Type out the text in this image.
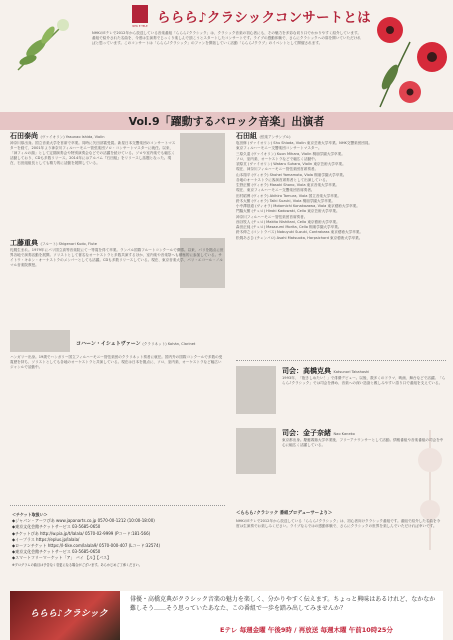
NHK E TELE
ららら♪クラシックコンサートとは
NHKのEテレで2012年から放送している音楽番組「ららら♪クラシック」は、クラシック音楽の初心者にも、その魅力を多彩な切り口でわかりやすく紹介しています。番組で紹介された名曲を、今度は生演奏でじっくり楽しんで頂こうとスタートしたコンサートです。ライブの感動体験で、さらにクラシックへの扉を開いていただければと思っています。このコンサートは「ららら♪クラシック」のファンを開拓していく活動「ららら♪クラブ」のイベントとして開催されます。
Vol.9「躍動するバロック音楽」出演者
石田泰尚 (ヴァイオリン) Yasunao Ishida, Violin
神奈川県出身。国立音楽大学を首席で卒業。同時に矢田部賞受賞。新星日本交響楽団のコンサートマスターを経て、2001年より神奈川フィルハーモニー管弦楽団ソロ・コンサートマスターに就任。以来、「神フィルの顔」として定期演奏会や特別演奏会などでの活躍を続けている。ソロや室内楽でも幅広く活動しており、CDも多数リリース。2014年にはアルバム『石田組』をリリースし話題となった。現在、石田組組長としても精力的に活動を展開している。
工藤重典 (フルート) Shigenori Kudo, Flute
札幌生まれ。1979年にパリ国立高等音楽院にて一等賞を得て卒業。ランパル国際フルートコンクールで優勝。以来、パリを拠点に世界各地で演奏活動を展開。ソリストとして著名なオーケストラと多数共演するほか、室内楽や音楽祭へも積極的に参加している。サイトウ・キネン・オーケストラのメンバーとしても活躍。CDも多数リリースしている。現在、東京音楽大学、パリ・エコール・ノルマル音楽院教授。
コハーン・イシュトヴァーン (クラリネット) Kohán, Clarinet
ハンガリー出身。19歳でハンガリー国立フィルハーモニー管弦楽団のクラリネット奏者に就任。国内外の国際コンクールで多数の受賞歴を持ち、ソリストとしても各地のオーケストラと共演している。現在は日本を拠点に、ソロ、室内楽、オーケストラなど幅広いジャンルで活動中。
＜チケット取扱い＞
◆ジャパン・アーツぴあ www.japanarts.co.jp 0570-00-1212 (10:00-18:00)
◆東京文化会館チケットサービス 03-5685-0650
◆チケットぴあ http://w.pia.jp/t/lalala/ 0570-02-9999 (Pコード:181-566)
◆イープラス https://eplus.jp/lalala/
◆ローソンチケット https://l-tike.com/lalala9/ 0570-000-407 (Lコード:32574)
◆東京文化会館チケットサービス 03-5685-0650
◆スマートフリーマーケット「ア」 バイ 【ル】【パス】
※プログラムの曲目は予告なく変更になる場合がございます。あらかじめご了承ください。
石田組 (弦楽アンサンブル)
塩田修 (ヴァイオリン) Shu Shioda, Violin 東京芸術大学卒業。NHK交響楽団団員。
東京フィルハーモニー交響楽団コンサートマスター。
三原久遠 (ヴァイオリン) Kuon Mihara, Violin 桐朋学園大学卒業。
ソロ、室内楽、オーケストラなどで幅広く活動中。
須原亘 (ヴァイオリン) Wataru Suhara, Violin 東京芸術大学卒業。
現在、神奈川フィルハーモニー管弦楽団首席奏者。
山本翔平 (ヴィオラ) Shohei Yamamoto, Viola 桐朋学園大学卒業。
各地のオーケストラに客演首席奏者として出演している。
生野正樹 (ヴィオラ) Masaki Shono, Viola 東京音楽大学卒業。
現在、東京フィルハーモニー交響楽団首席奏者。
田村昭博 (ヴィオラ) Akihiro Tamura, Viola 国立音楽大学卒業。
鈴木大樹 (ヴィオラ) Taiki Suzuki, Viola 桐朋学園大学卒業。
小中澤基道 (ヴィオラ) Motomichi Konakazawa, Viola 東京藝術大学卒業。
門脇大樹 (チェロ) Hiroki Kadowaki, Cello 東京芸術大学卒業。
神奈川フィルハーモニー管弦楽団首席奏者。
西谷牧人 (チェロ) Makito Nishitani, Cello 東京藝術大学卒業。
森田正純 (チェロ) Masazumi Morita, Cello 桐朋学園大学卒業。
鈴木伸之 (コントラバス) Nobuyuki Suzuki, Contrabass 東京藝術大学卒業。
松岡あさひ (チェンバロ) Asahi Matsuoka, Harpsichord 東京藝術大学卒業。
司会：高橋克典 Katsunori Takahashi
1993年、「抱きしめたい！」で俳優デビュー。以後、数多くのドラマ、映画、舞台などで活躍。「ららら♪クラシック」では司会を務め、音楽への深い造詣と親しみやすい語り口で番組を支えている。
司会：金子奈緒 Nao Kaneko
東京都出身。慶應義塾大学卒業後、フリーアナウンサーとして活動。情報番組や音楽番組の司会を中心に幅広く活躍している。
＜ららら♪クラシック 番組プロデューサーより＞
NHKのEテレで2012年から放送している「ららら♪クラシック」は、初心者向けクラシック番組です。番組で紹介した名曲を今度は生演奏でお楽しみください。ライブならではの感動体験で、さらにクラシックの世界を楽しんでいただければ幸いです。
ららら♪クラシック
俳優・高橋克典がクラシック音楽の魅力を楽しく、分かりやすく伝えます。ちょっと興味はあるけれど、なかなか難しそう……そう思っていたあなた、この番組で一歩を踏み出してみませんか？
Eテレ 毎週金曜 午後9時 / 再放送 毎週木曜 午前10時25分
